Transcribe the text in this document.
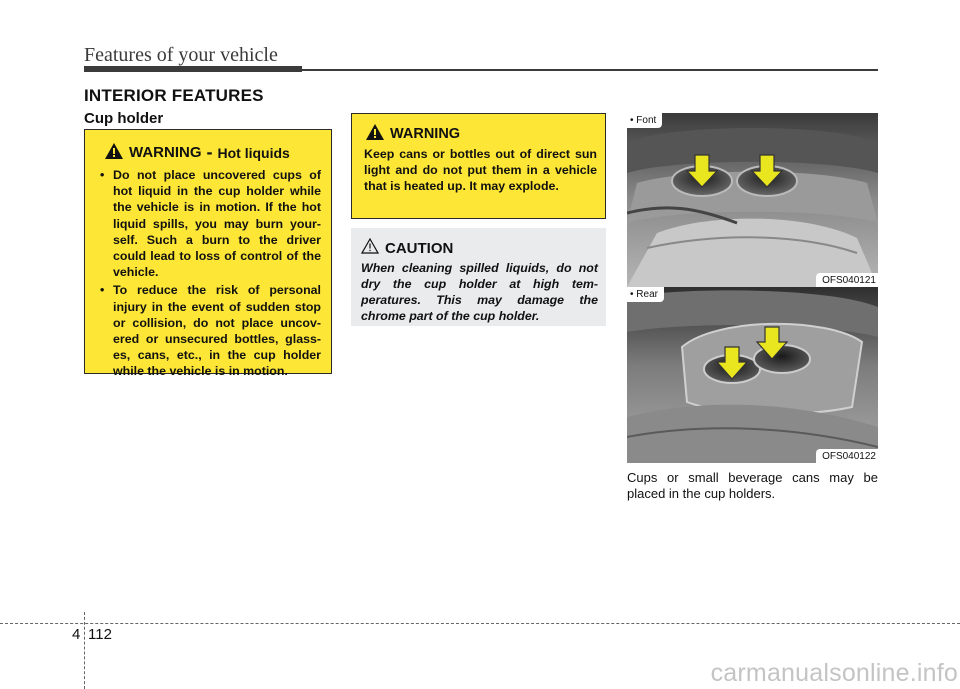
Features of your vehicle
INTERIOR FEATURES
Cup holder
WARNING - Hot liquids
• Do not place uncovered cups of hot liquid in the cup holder while the vehicle is in motion. If the hot liquid spills, you may burn your-self. Such a burn to the driver could lead to loss of control of the vehicle.
• To reduce the risk of personal injury in the event of sudden stop or collision, do not place uncov-ered or unsecured bottles, glass-es, cans, etc., in the cup holder while the vehicle is in motion.
WARNING
Keep cans or bottles out of direct sun light and do not put them in a vehicle that is heated up. It may explode.
CAUTION
When cleaning spilled liquids, do not dry the cup holder at high tem-peratures. This may damage the chrome part of the cup holder.
• Font
OFS040121
• Rear
OFS040122
Cups or small beverage cans may be placed in the cup holders.
4 112
carmanualsonline.info
